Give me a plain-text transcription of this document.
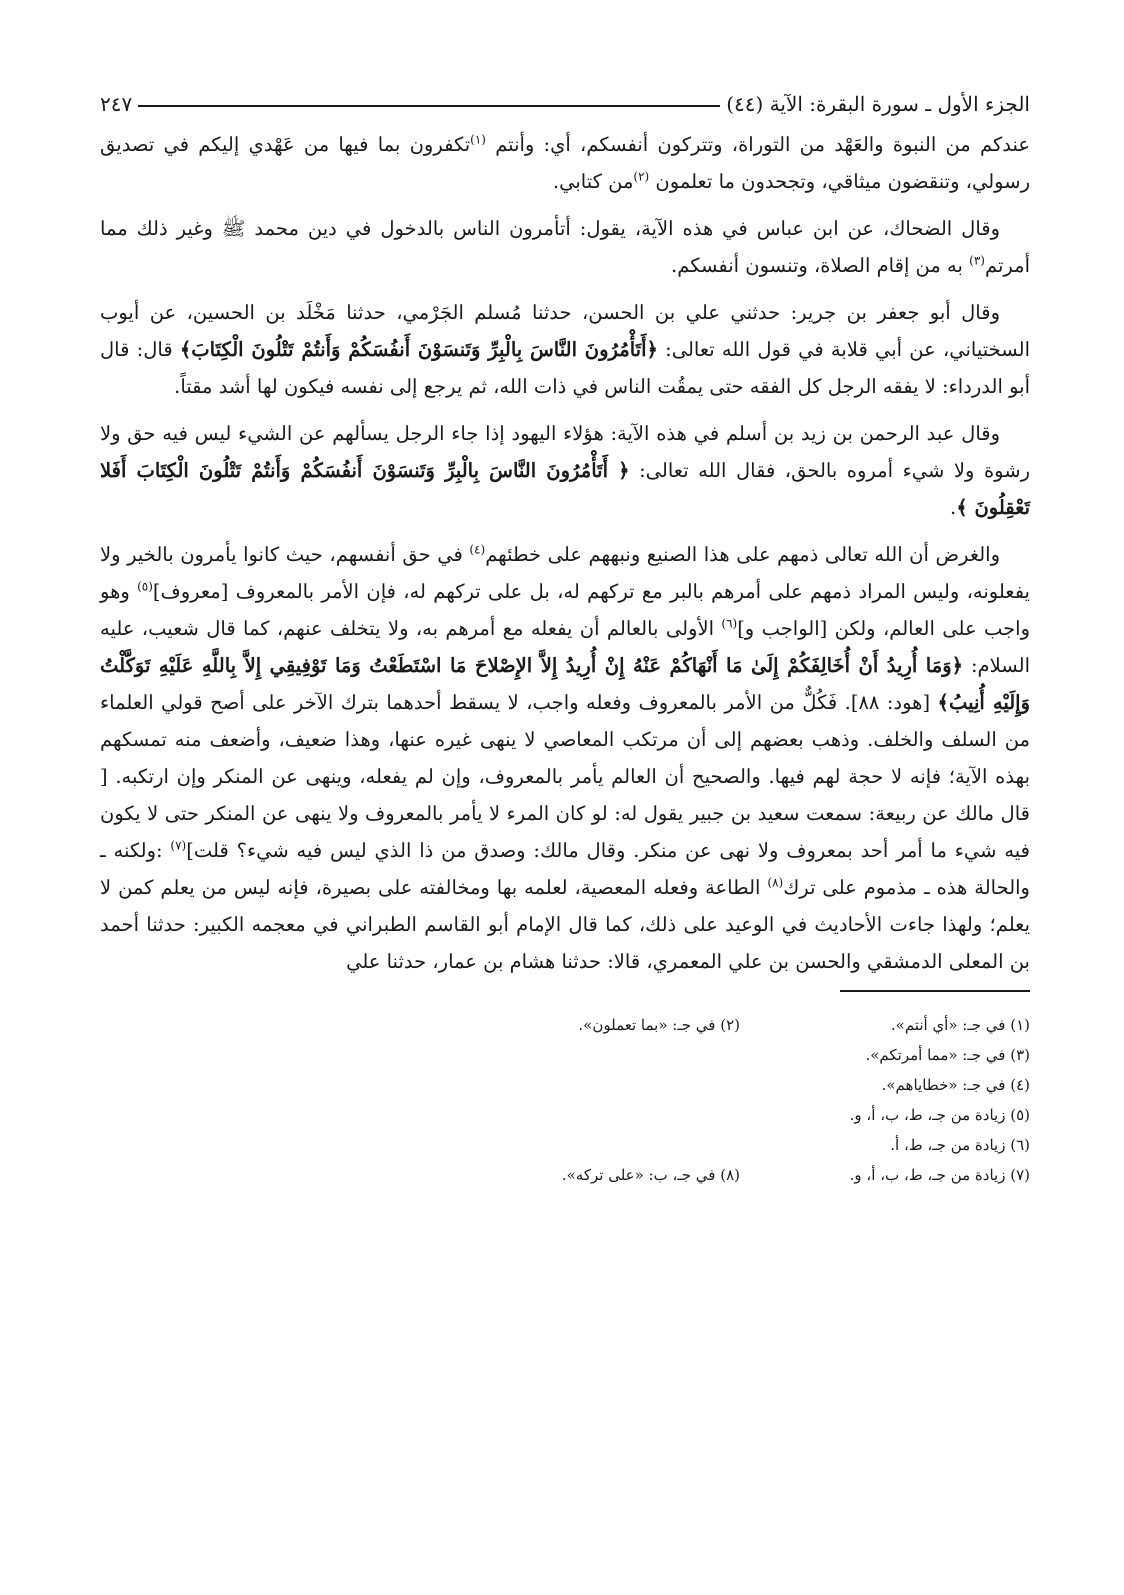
الجزء الأول ـ سورة البقرة: الآية (٤٤)
٢٤٧

عندكم من النبوة والعَهْد من التوراة، وتتركون أنفسكم، أي: وأنتم $^{(١)}$تكفرون بما فيها من عَهْدي إليكم في تصديق رسولي، وتنقضون ميثاقي، وتجحدون ما تعلمون $^{(٢)}$من كتابي.

وقال الضحاك، عن ابن عباس في هذه الآية، يقول: أتأمرون الناس بالدخول في دين محمد ﷺ وغير ذلك مما أمرتم$^{(٣)}$ به من إقام الصلاة، وتنسون أنفسكم.

وقال أبو جعفر بن جرير: حدثني علي بن الحسن، حدثنا مُسلم الجَرْمي، حدثنا مَخْلَد بن الحسين، عن أيوب السختياني، عن أبي قلابة في قول الله تعالى: ﴿أَتَأْمُرُونَ النَّاسَ بِالْبِرِّ وَتَنسَوْنَ أَنفُسَكُمْ وَأَنتُمْ تَتْلُونَ الْكِتَابَ﴾ قال: قال أبو الدرداء: لا يفقه الرجل كل الفقه حتى يمقُت الناس في ذات الله، ثم يرجع إلى نفسه فيكون لها أشد مقتاً.

وقال عبد الرحمن بن زيد بن أسلم في هذه الآية: هؤلاء اليهود إذا جاء الرجل يسألهم عن الشيء ليس فيه حق ولا رشوة ولا شيء أمروه بالحق، فقال الله تعالى: ﴿ أَتَأْمُرُونَ النَّاسَ بِالْبِرِّ وَتَنسَوْنَ أَنفُسَكُمْ وَأَنتُمْ تَتْلُونَ الْكِتَابَ أَفَلا تَعْقِلُونَ ﴾.

والغرض أن الله تعالى ذمهم على هذا الصنيع ونبههم على خطئهم$^{(٤)}$ في حق أنفسهم، حيث كانوا يأمرون بالخير ولا يفعلونه، وليس المراد ذمهم على أمرهم بالبر مع تركهم له، بل على تركهم له، فإن الأمر بالمعروف [معروف]$^{(٥)}$ وهو واجب على العالم، ولكن [الواجب و]$^{(٦)}$ الأولى بالعالم أن يفعله مع أمرهم به، ولا يتخلف عنهم، كما قال شعيب، عليه السلام: ﴿وَمَا أُرِيدُ أَنْ أُخَالِفَكُمْ إِلَىٰ مَا أَنْهَاكُمْ عَنْهُ إِنْ أُرِيدُ إِلاَّ الإِصْلاحَ مَا اسْتَطَعْتُ وَمَا تَوْفِيقِي إِلاَّ بِاللَّهِ عَلَيْهِ تَوَكَّلْتُ وَإِلَيْهِ أُنِيبُ﴾ [هود: ٨٨]. فَكُلٌّ من الأمر بالمعروف وفعله واجب، لا يسقط أحدهما بترك الآخر على أصح قولي العلماء من السلف والخلف. وذهب بعضهم إلى أن مرتكب المعاصي لا ينهى غيره عنها، وهذا ضعيف، وأضعف منه تمسكهم بهذه الآية؛ فإنه لا حجة لهم فيها. والصحيح أن العالم يأمر بالمعروف، وإن لم يفعله، وينهى عن المنكر وإن ارتكبه. [ قال مالك عن ربيعة: سمعت سعيد بن جبير يقول له: لو كان المرء لا يأمر بالمعروف ولا ينهى عن المنكر حتى لا يكون فيه شيء ما أمر أحد بمعروف ولا نهى عن منكر. وقال مالك: وصدق من ذا الذي ليس فيه شيء؟ قلت]$^{(٧)}$ :ولكنه ـ والحالة هذه ـ مذموم على ترك$^{(٨)}$ الطاعة وفعله المعصية، لعلمه بها ومخالفته على بصيرة، فإنه ليس من يعلم كمن لا يعلم؛ ولهذا جاءت الأحاديث في الوعيد على ذلك، كما قال الإمام أبو القاسم الطبراني في معجمه الكبير: حدثنا أحمد بن المعلى الدمشقي والحسن بن علي المعمري، قالا: حدثنا هشام بن عمار، حدثنا علي

(١) في جـ: «أي أنتم».
(٢) في جـ: «بما تعملون».
(٣) في جـ: «مما أمرتكم».
(٤) في جـ: «خطاياهم».
(٥) زيادة من جـ، ط، ب، أ، و.
(٦) زيادة من جـ، ط، أ.
(٧) زيادة من جـ، ط، ب، أ، و.
(٨) في جـ، ب: «على تركه».
